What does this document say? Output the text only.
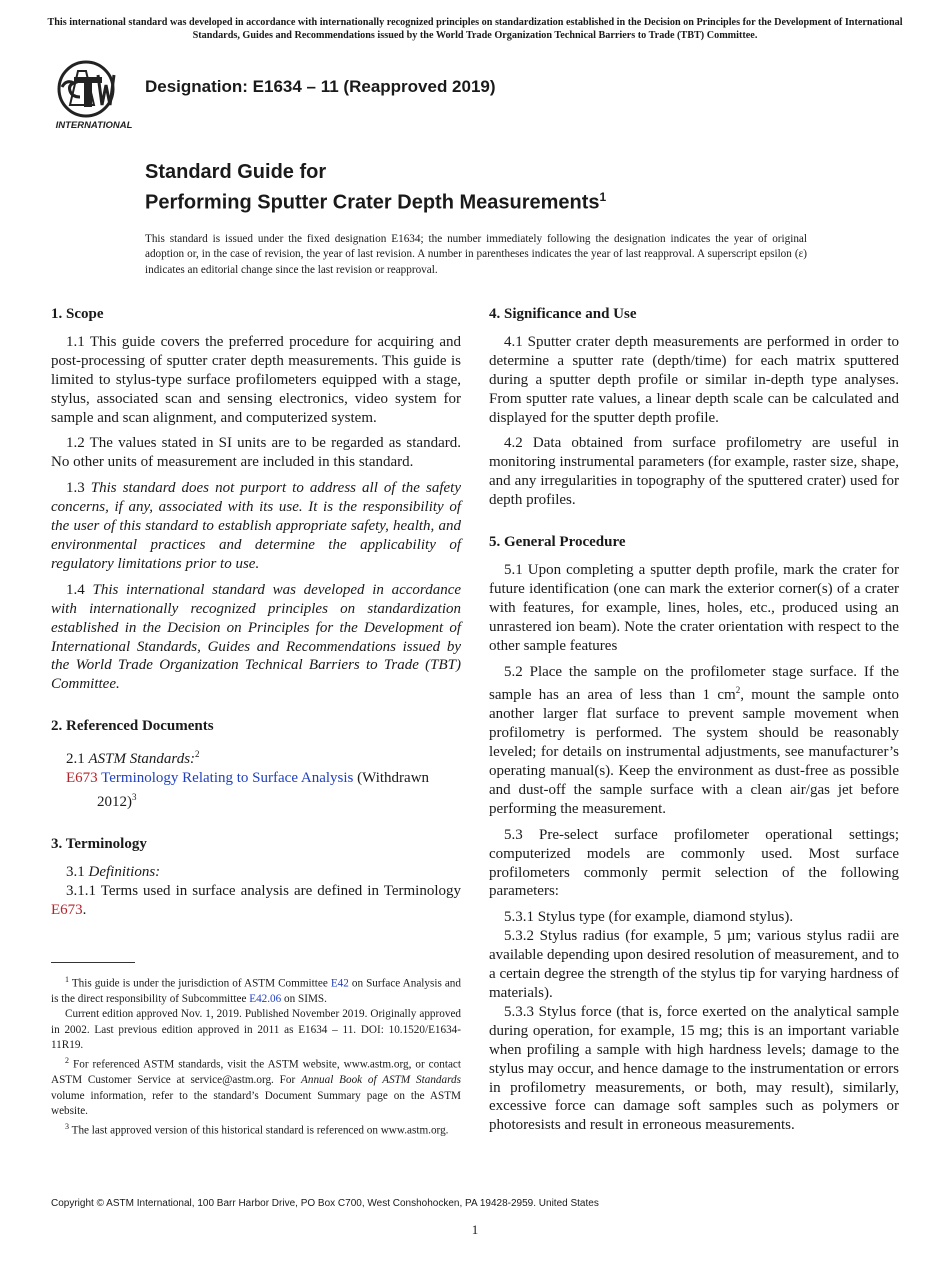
This international standard was developed in accordance with internationally recognized principles on standardization established in the Decision on Principles for the Development of International Standards, Guides and Recommendations issued by the World Trade Organization Technical Barriers to Trade (TBT) Committee.
INTERNATIONAL
Designation: E1634 – 11 (Reapproved 2019)
Standard Guide for
Performing Sputter Crater Depth Measurements$^1$
This standard is issued under the fixed designation E1634; the number immediately following the designation indicates the year of original adoption or, in the case of revision, the year of last revision. A number in parentheses indicates the year of last reapproval. A superscript epsilon (ε) indicates an editorial change since the last revision or reapproval.
1. Scope

1.1 This guide covers the preferred procedure for acquiring and post-processing of sputter crater depth measurements. This guide is limited to stylus-type surface profilometers equipped with a stage, stylus, associated scan and sensing electronics, video system for sample and scan alignment, and computerized system.

1.2 The values stated in SI units are to be regarded as standard. No other units of measurement are included in this standard.

1.3 This standard does not purport to address all of the safety concerns, if any, associated with its use. It is the responsibility of the user of this standard to establish appropriate safety, health, and environmental practices and determine the applicability of regulatory limitations prior to use.

1.4 This international standard was developed in accordance with internationally recognized principles on standardization established in the Decision on Principles for the Development of International Standards, Guides and Recommendations issued by the World Trade Organization Technical Barriers to Trade (TBT) Committee.

2. Referenced Documents

2.1 ASTM Standards:$^2$

E673 Terminology Relating to Surface Analysis (Withdrawn

2012)$^3$

3. Terminology

3.1 Definitions:

3.1.1 Terms used in surface analysis are defined in Terminology E673.

4. Significance and Use

4.1 Sputter crater depth measurements are performed in order to determine a sputter rate (depth/time) for each matrix sputtered during a sputter depth profile or similar in-depth type analyses. From sputter rate values, a linear depth scale can be calculated and displayed for the sputter depth profile.

4.2 Data obtained from surface profilometry are useful in monitoring instrumental parameters (for example, raster size, shape, and any irregularities in topography of the sputtered crater) used for depth profiles.

5. General Procedure

5.1 Upon completing a sputter depth profile, mark the crater for future identification (one can mark the exterior corner(s) of a crater with features, for example, lines, holes, etc., produced using an unrastered ion beam). Note the crater orientation with respect to the other sample features

5.2 Place the sample on the profilometer stage surface. If the sample has an area of less than 1 $cm^2$, mount the sample onto another larger flat surface to prevent sample movement when profilometry is performed. The system should be reasonably leveled; for details on instrumental adjustments, see manufacturer’s operating manual(s). Keep the environment as dust-free as possible and dust-off the sample surface with a clean air/gas jet before performing the measurement.

5.3 Pre-select surface profilometer operational settings; computerized models are commonly used. Most surface profilometers commonly permit selection of the following parameters:

5.3.1 Stylus type (for example, diamond stylus).

5.3.2 Stylus radius (for example, 5 µm; various stylus radii are available depending upon desired resolution of measurement, and to a certain degree the strength of the stylus tip for varying hardness of materials).

5.3.3 Stylus force (that is, force exerted on the analytical sample during operation, for example, 15 mg; this is an important variable when profiling a sample with high hardness levels; damage to the stylus may occur, and hence damage to the instrumentation or errors in profilometry measurements, or both, may result), similarly, excessive force can damage soft samples such as polymers or photoresists and result in erroneous measurements.

$^1$ This guide is under the jurisdiction of ASTM Committee E42 on Surface Analysis and is the direct responsibility of Subcommittee E42.06 on SIMS.

Current edition approved Nov. 1, 2019. Published November 2019. Originally approved in 2002. Last previous edition approved in 2011 as E1634 – 11. DOI: 10.1520/E1634-11R19.

$^2$ For referenced ASTM standards, visit the ASTM website, www.astm.org, or contact ASTM Customer Service at service@astm.org. For Annual Book of ASTM Standards volume information, refer to the standard’s Document Summary page on the ASTM website.

$^3$ The last approved version of this historical standard is referenced on www.astm.org.

Copyright © ASTM International, 100 Barr Harbor Drive, PO Box C700, West Conshohocken, PA 19428-2959. United States
1
